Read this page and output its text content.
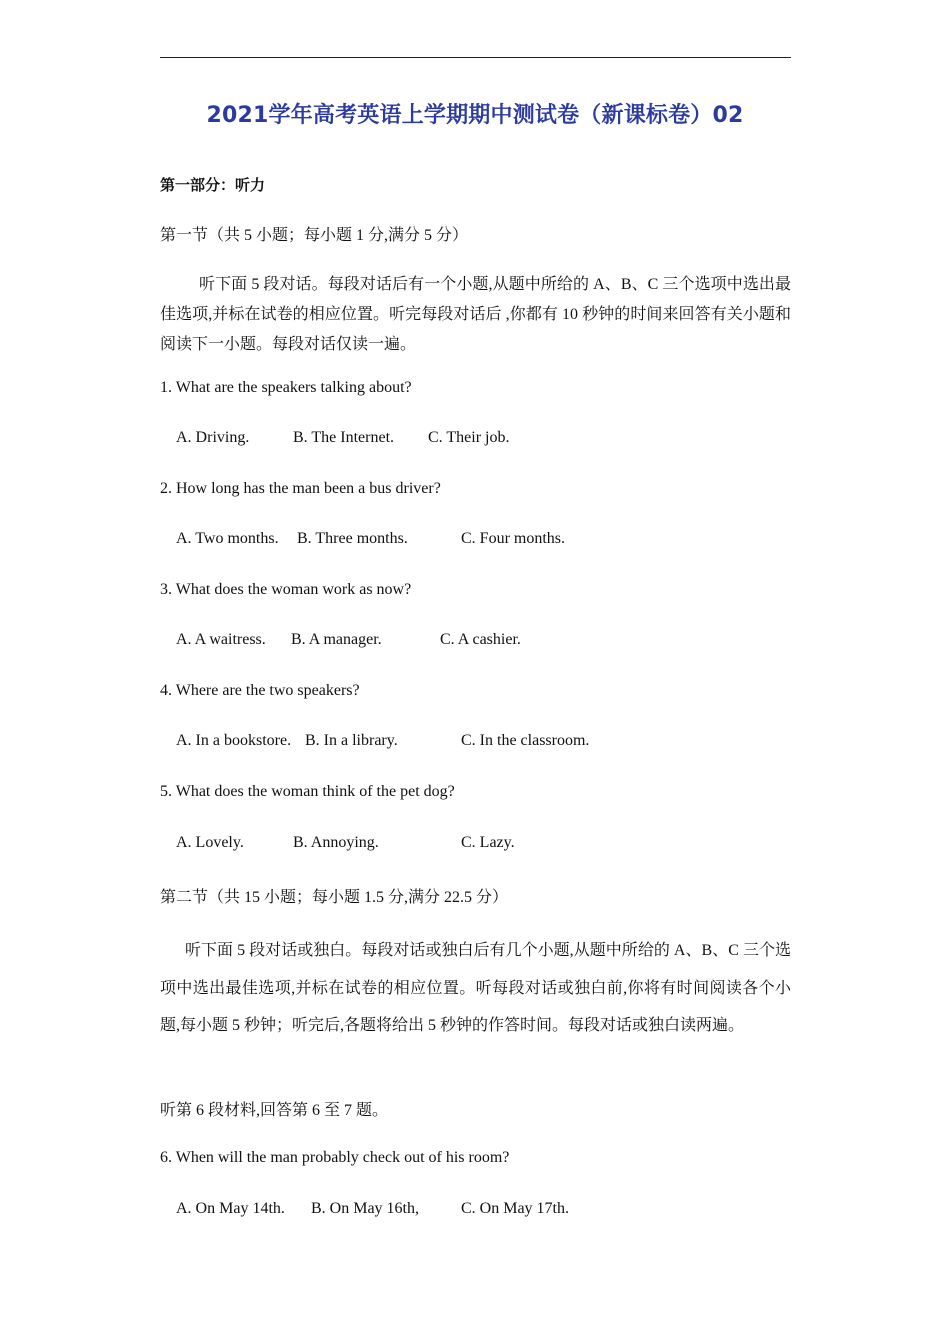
2021学年高考英语上学期期中测试卷（新课标卷）02
第一部分：听力
第一节（共 5 小题；每小题 1 分,满分 5 分）
听下面 5 段对话。每段对话后有一个小题,从题中所给的 A、B、C 三个选项中选出最佳选项,并标在试卷的相应位置。听完每段对话后 ,你都有 10 秒钟的时间来回答有关小题和阅读下一小题。每段对话仅读一遍。
1. What are the speakers talking about?
A. Driving.	B. The Internet. C. Their job.
2. How long has the man been a bus driver?
A. Two months. B. Three months.	C. Four months.
3. What does the woman work as now?
A. A waitress. B. A manager.	C. A cashier.
4. Where are the two speakers?
A. In a bookstore. B. In a library.	C. In the classroom.
5. What does the woman think of the pet dog?
A. Lovely.	B. Annoying.	C. Lazy.
第二节（共 15 小题；每小题 1.5 分,满分 22.5 分）
听下面 5 段对话或独白。每段对话或独白后有几个小题,从题中所给的 A、B、C 三个选项中选出最佳选项,并标在试卷的相应位置。听每段对话或独白前,你将有时间阅读各个小题,每小题 5 秒钟；听完后,各题将给出 5 秒钟的作答时间。每段对话或独白读两遍。
听第 6 段材料,回答第 6 至 7 题。
6. When will the man probably check out of his room?
A. On May 14th. B. On May 16th,	C. On May 17th.
